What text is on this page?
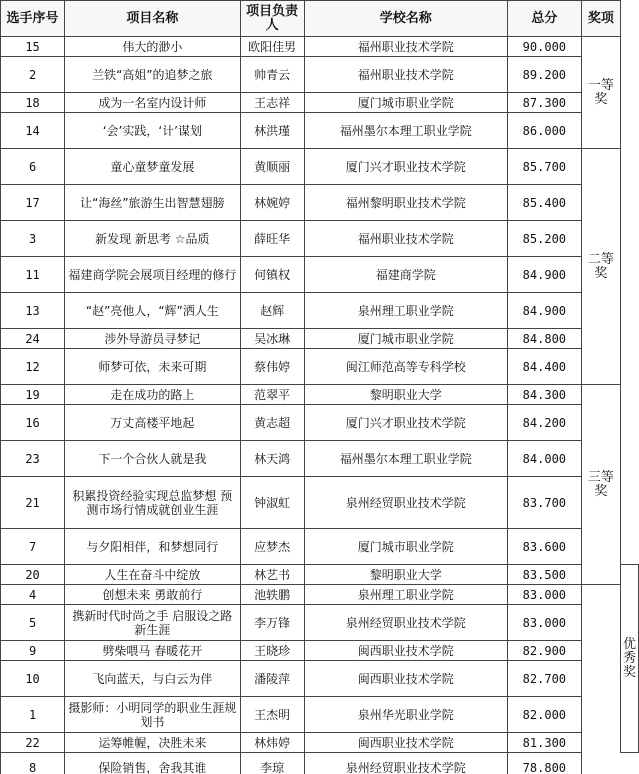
选手序号	项目名称	项目负责人	学校名称	总分	奖项	
15	伟大的渺小	欧阳佳男	福州职业技术学院	90.000	一等奖	
2	兰铁“高姐”的追梦之旅	帅青云	福州职业技术学院	89.200		
18	成为一名室内设计师	王志祥	厦门城市职业学院	87.300		
14	‘会’实践，‘计’谋划	林洪瑾	福州墨尔本理工职业学院	86.000		
6	童心童梦童发展	黄顺丽	厦门兴才职业技术学院	85.700	二等奖	
17	让“海丝”旅游生出智慧翅膀	林婉婷	福州黎明职业技术学院	85.400		
3	新发现 新思考 ☆品质	薛旺华	福州职业技术学院	85.200		
11	福建商学院会展项目经理的修行	何镇权	福建商学院	84.900		
13	“赵”亮他人，“辉”洒人生	赵辉	泉州理工职业学院	84.900		
24	涉外导游员寻梦记	吴冰琳	厦门城市职业学院	84.800		
12	师梦可依，未来可期	蔡伟婷	闽江师范高等专科学校	84.400		
19	走在成功的路上	范翠平	黎明职业大学	84.300	三等奖	
16	万丈高楼平地起	黄志超	厦门兴才职业技术学院	84.200		
23	下一个合伙人就是我	林天鸿	福州墨尔本理工职业学院	84.000		
21	积累投资经验实现总监梦想 预测市场行情成就创业生涯	钟淑虹	泉州经贸职业技术学院	83.700		
7	与夕阳相伴，和梦想同行	应梦杰	厦门城市职业学院	83.600		
20	人生在奋斗中绽放	林艺书	黎明职业大学	83.500		优秀奖
4	创想未来 勇敢前行	池轶鹏	泉州理工职业学院	83.000		
5	携新时代时尚之手 启服设之路新生涯	李万锋	泉州经贸职业技术学院	83.000		
9	劈柴喂马 春暖花开	王晓珍	闽西职业技术学院	82.900		
10	飞向蓝天，与白云为伴	潘陵萍	闽西职业技术学院	82.700		
1	摄影师：小明同学的职业生涯规划书	王杰明	泉州华光职业学院	82.000		
22	运筹帷幄，决胜未来	林炜婷	闽西职业技术学院	81.300		
8	保险销售，舍我其谁	李琼	泉州经贸职业技术学院	78.800		
